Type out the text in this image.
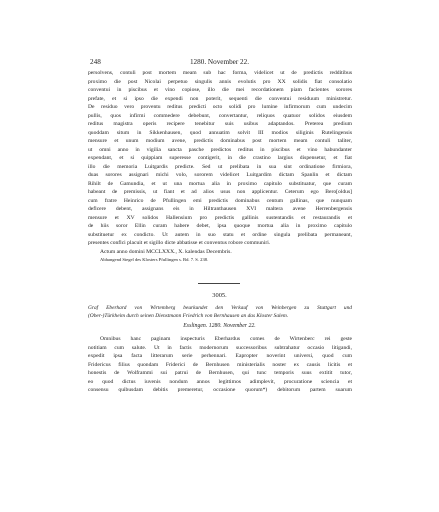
248	1280. November 22.
persolvens, contuli post mortem meam sub hac forma, videlicet ut de predictis redditibus
proximo die post Nicolai perpetuo singulis annis evolutis pro XX solidis fiat consolatio
conventui in piscibus et vino copiose, illo die mei recordationem piam facientes sorores
prefate, et si ipso die expendi non poterit, sequenti die conventui residuum ministretur.
De residuo vero proventu reditus predicti octo solidi pro lumine infirmorum cum undecim
pullis, quos infirmi commedere debebunt, convertantur, reliquos quatuor solidos eiusdem
reditus magistra operis recipere tenebitur suis usibus adaptandos. Preterea predium
quoddam situm in Sikkenhausen, quod annuatim solvit III modios siliginis Rutelingensis
mensure et unum modium avene, predictis dominabus post mortem meam contuli taliter,
ut omni anno in vigilia sancta pasche predictos reditus in piscibus et vino habundanter
expendant, et si quippiam superesse contigerit, in die crastino largius dispensetur, et fiat
illo die memoria Luitgardis predicte. Sed ut prelibata in sua sint ordinatione firmiora,
duas sorores assignari michi volo, sororem videlicet Luitgardim dictam Spanlin et dictam
Rihilt de Gamundia, et ut una mortua alia in proximo capitulo substituatur, que curam
habeant de premissis, ut fiant et ad alios usus non applicentur. Ceterum ego Bero[oldus]
cum fratre Heinrico de Pfullingen emi predictis dominabus centum gallinas, que nunquam
deflcere debent, assignans eis in Hiltranthausen XVI maltera avene Herrenbergensis
mensure et XV solidos Hallensium pro predictis gallinis sustentandis et restaurandis et
de hiis soror Ellin curam habere debet, ipsa quoque mortua alia in proximo capitulo
substituetur ex condicto. Ut autem in suo statu et ordine singula prelibata permaneant,
presentes conflci placuit et sigillo dicte abbatisse et conventus robore communiri.
Actum anno domini MCCLXXX., X. kalendas Decembris.
Abhangend Siegel des Klosters Pfullingen s. Bd. 7. S. 238.
3005.
Graf Eberhard von Wirtemberg beurkundet den Verkauf von Weinbergen zu Stuttgart und
(Ober-)Türkheim durch seinen Dienstmann Friedrich von Bernhausen an das Kloster Salem.
Esslingen. 1280. November 22.
Omnibus hanc paginam inspecturis Eberhardus comes de Wirtenberc rei geste
notitiam cum salute. Ut in factis modernorum successoribus subtrahatur occasio litigandi,
expedit ipsa facta litterarum serie perhennari. Eapropter noverint universi, quod cum
Fridericus filius quondam Friderici de Bernhusen ministerialis noster ex causis licitis et
honestis de Wolframmi sui patrui de Bernhusen, qui tunc temporis suus extitit tutor,
eo quod dictus iuvenis nondum annos legittimos adimplevit, procuratione sciencia et
consensu quibusdam debitis premeretur, occasione quorum*) debitorum partem suarum
